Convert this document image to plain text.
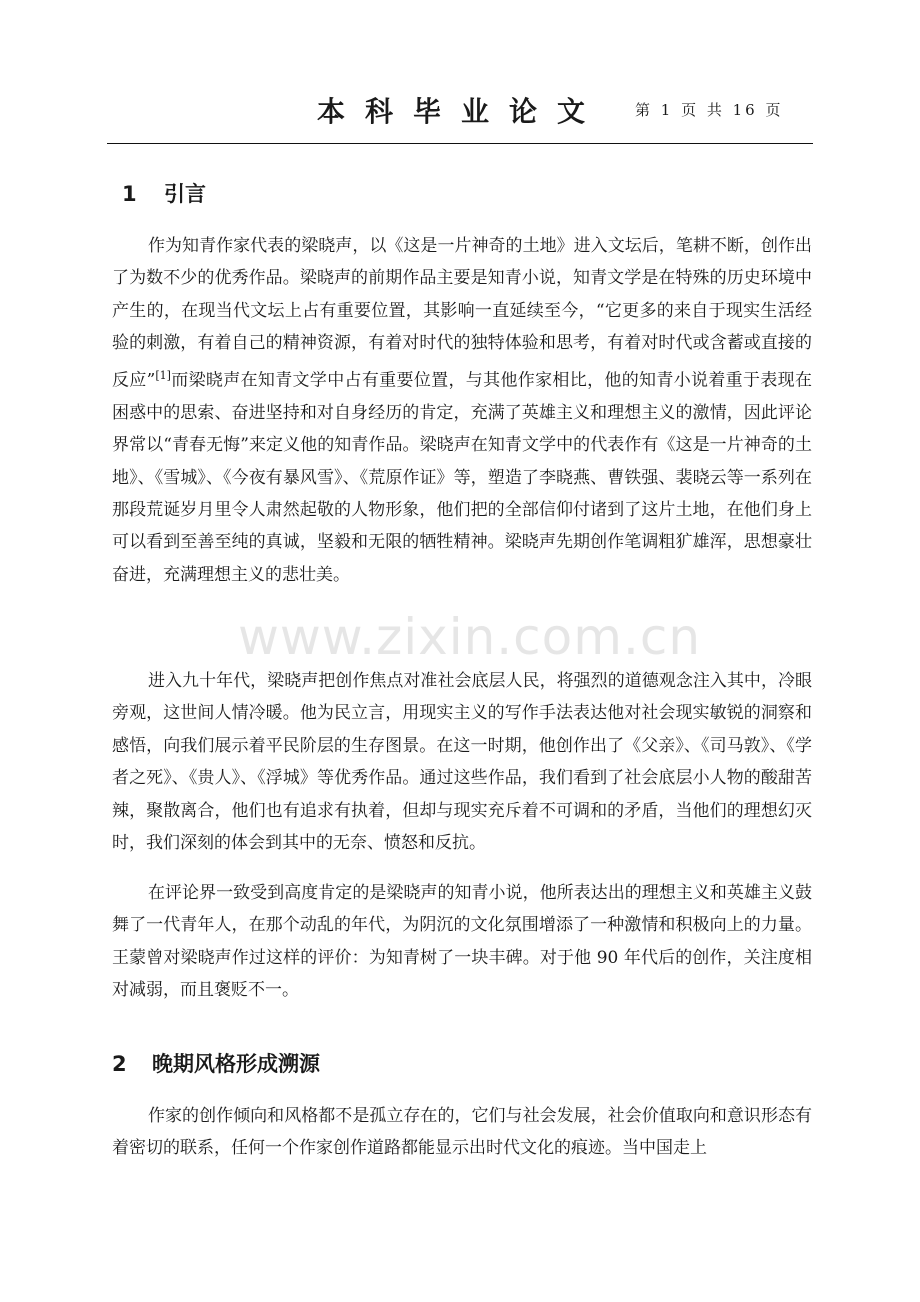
本科毕业论文 第 1 页 共 16 页
1 引言

作为知青作家代表的梁晓声，以《这是一片神奇的土地》进入文坛后，笔耕不断，创作出了为数不少的优秀作品。梁晓声的前期作品主要是知青小说，知青文学是在特殊的历史环境中产生的，在现当代文坛上占有重要位置，其影响一直延续至今，“它更多的来自于现实生活经验的刺激，有着自己的精神资源，有着对时代的独特体验和思考，有着对时代或含蓄或直接的反应”[1]而梁晓声在知青文学中占有重要位置，与其他作家相比，他的知青小说着重于表现在困惑中的思索、奋进坚持和对自身经历的肯定，充满了英雄主义和理想主义的激情，因此评论界常以“青春无悔”来定义他的知青作品。梁晓声在知青文学中的代表作有《这是一片神奇的土地》、《雪城》、《今夜有暴风雪》、《荒原作证》等，塑造了李晓燕、曹铁强、裴晓云等一系列在那段荒诞岁月里令人肃然起敬的人物形象，他们把的全部信仰付诸到了这片土地，在他们身上可以看到至善至纯的真诚，坚毅和无限的牺牲精神。梁晓声先期创作笔调粗犷雄浑，思想豪壮奋进，充满理想主义的悲壮美。

进入九十年代，梁晓声把创作焦点对准社会底层人民，将强烈的道德观念注入其中，冷眼旁观，这世间人情冷暖。他为民立言，用现实主义的写作手法表达他对社会现实敏锐的洞察和感悟，向我们展示着平民阶层的生存图景。在这一时期，他创作出了《父亲》、《司马敦》、《学者之死》、《贵人》、《浮城》等优秀作品。通过这些作品，我们看到了社会底层小人物的酸甜苦辣，聚散离合，他们也有追求有执着，但却与现实充斥着不可调和的矛盾，当他们的理想幻灭时，我们深刻的体会到其中的无奈、愤怒和反抗。

在评论界一致受到高度肯定的是梁晓声的知青小说，他所表达出的理想主义和英雄主义鼓舞了一代青年人，在那个动乱的年代，为阴沉的文化氛围增添了一种激情和积极向上的力量。王蒙曾对梁晓声作过这样的评价：为知青树了一块丰碑。对于他 90 年代后的创作，关注度相对减弱，而且褒贬不一。

2 晚期风格形成溯源

作家的创作倾向和风格都不是孤立存在的，它们与社会发展，社会价值取向和意识形态有着密切的联系，任何一个作家创作道路都能显示出时代文化的痕迹。当中国走上

www.zixin.com.cn
